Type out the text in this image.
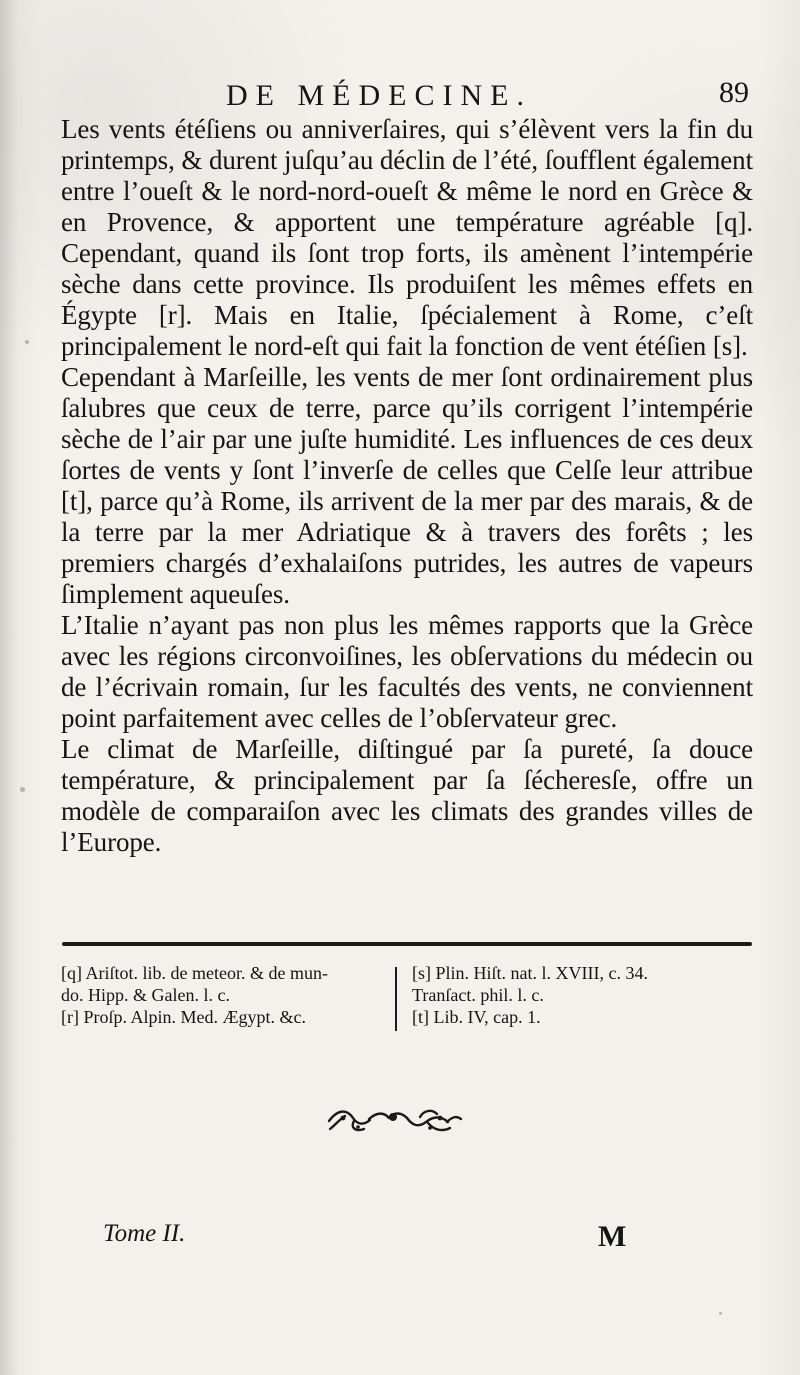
DE MÉDECINE.	89

Les vents étéſiens ou anniverſaires, qui s’élèvent vers la fin du printemps, & durent juſqu’au déclin de l’été, ſoufflent également entre l’oueſt & le nord-nord-oueſt & même le nord en Grèce & en Provence, & apportent une température agréable [q]. Cependant, quand ils ſont trop forts, ils amènent l’intempérie sèche dans cette province. Ils produiſent les mêmes effets en Égypte [r]. Mais en Italie, ſpécialement à Rome, c’eſt principalement le nord-eſt qui fait la fonction de vent étéſien [s].

Cependant à Marſeille, les vents de mer ſont ordinairement plus ſalubres que ceux de terre, parce qu’ils corrigent l’intempérie sèche de l’air par une juſte humidité. Les influences de ces deux ſortes de vents y ſont l’inverſe de celles que Celſe leur attribue [t], parce qu’à Rome, ils arrivent de la mer par des marais, & de la terre par la mer Adriatique & à travers des forêts ; les premiers chargés d’exhalaiſons putrides, les autres de vapeurs ſimplement aqueuſes.

L’Italie n’ayant pas non plus les mêmes rapports que la Grèce avec les régions circonvoiſines, les obſervations du médecin ou de l’écrivain romain, ſur les facultés des vents, ne conviennent point parfaitement avec celles de l’obſervateur grec.

Le climat de Marſeille, diſtingué par ſa pureté, ſa douce température, & principalement par ſa ſécheresſe, offre un modèle de comparaiſon avec les climats des grandes villes de l’Europe.

[q] Ariſtot. lib. de meteor. & de mun-
do. Hipp. & Galen. l. c.
[r] Proſp. Alpin. Med. Ægypt. &c.
[s] Plin. Hiſt. nat. l. XVIII, c. 34.
Tranſact. phil. l. c.
[t] Lib. IV, cap. 1.
Tome II.	M
